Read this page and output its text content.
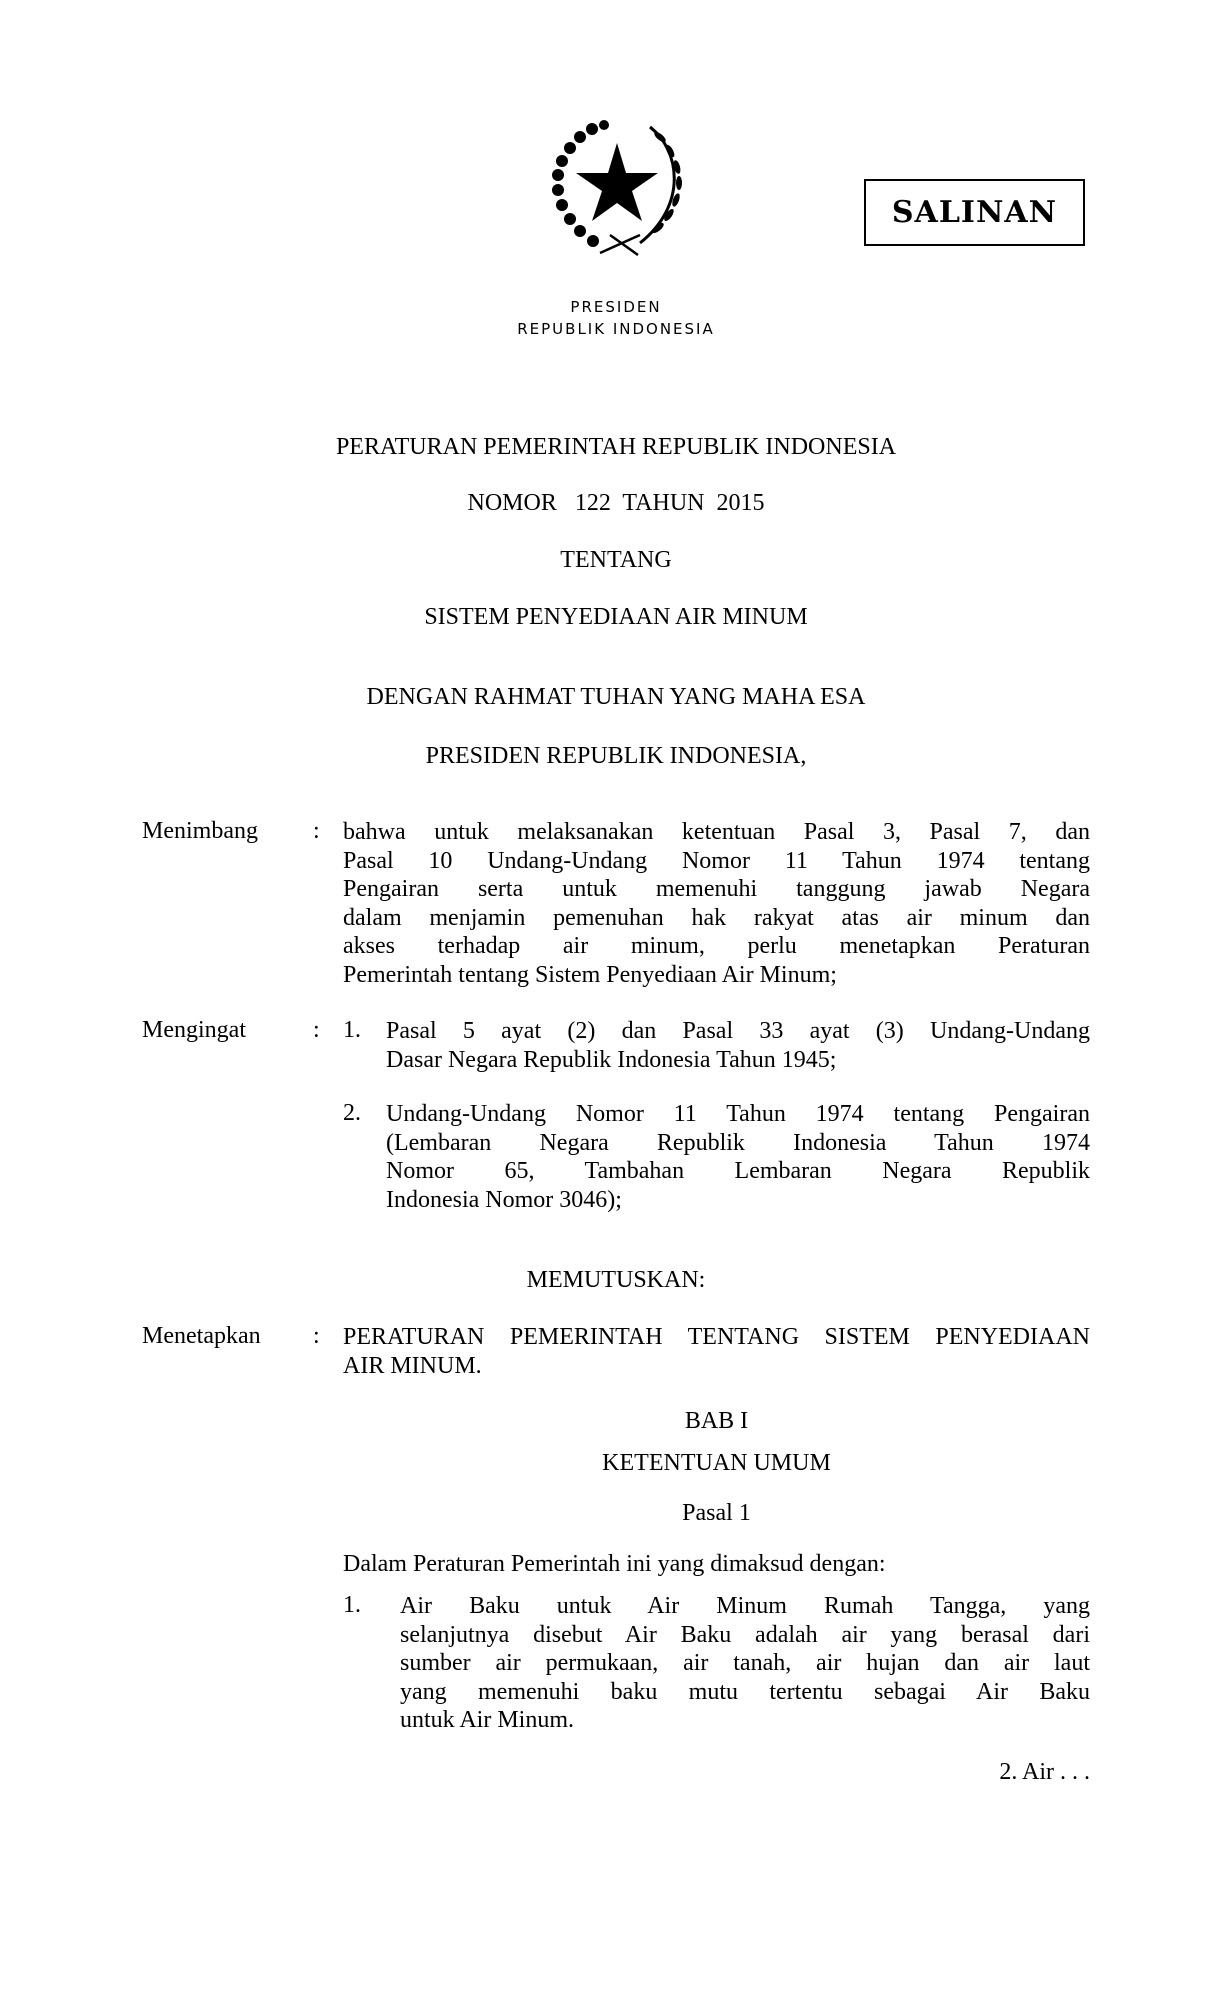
SALINAN
PRESIDEN
REPUBLIK INDONESIA
PERATURAN PEMERINTAH REPUBLIK INDONESIA
NOMOR   122  TAHUN  2015
TENTANG
SISTEM PENYEDIAAN AIR MINUM
DENGAN RAHMAT TUHAN YANG MAHA ESA
PRESIDEN REPUBLIK INDONESIA,
Menimbang : bahwa untuk melaksanakan ketentuan Pasal 3, Pasal 7, dan
Pasal 10 Undang-Undang Nomor 11 Tahun 1974 tentang
Pengairan serta untuk memenuhi tanggung jawab Negara
dalam menjamin pemenuhan hak rakyat atas air minum dan
akses terhadap air minum, perlu menetapkan Peraturan
Pemerintah tentang Sistem Penyediaan Air Minum;
Mengingat	: 1. Pasal 5 ayat (2) dan Pasal 33 ayat (3) Undang-Undang
Dasar Negara Republik Indonesia Tahun 1945;
2. Undang-Undang Nomor 11 Tahun 1974 tentang Pengairan
(Lembaran Negara Republik Indonesia Tahun 1974
Nomor 65, Tambahan Lembaran Negara Republik
Indonesia Nomor 3046);
MEMUTUSKAN:
Menetapkan : PERATURAN PEMERINTAH TENTANG SISTEM PENYEDIAAN
AIR MINUM.
BAB I
KETENTUAN UMUM
Pasal 1
Dalam Peraturan Pemerintah ini yang dimaksud dengan:
1. Air Baku untuk Air Minum Rumah Tangga, yang
selanjutnya disebut Air Baku adalah air yang berasal dari
sumber air permukaan, air tanah, air hujan dan air laut
yang memenuhi baku mutu tertentu sebagai Air Baku
untuk Air Minum.
2. Air . . .
